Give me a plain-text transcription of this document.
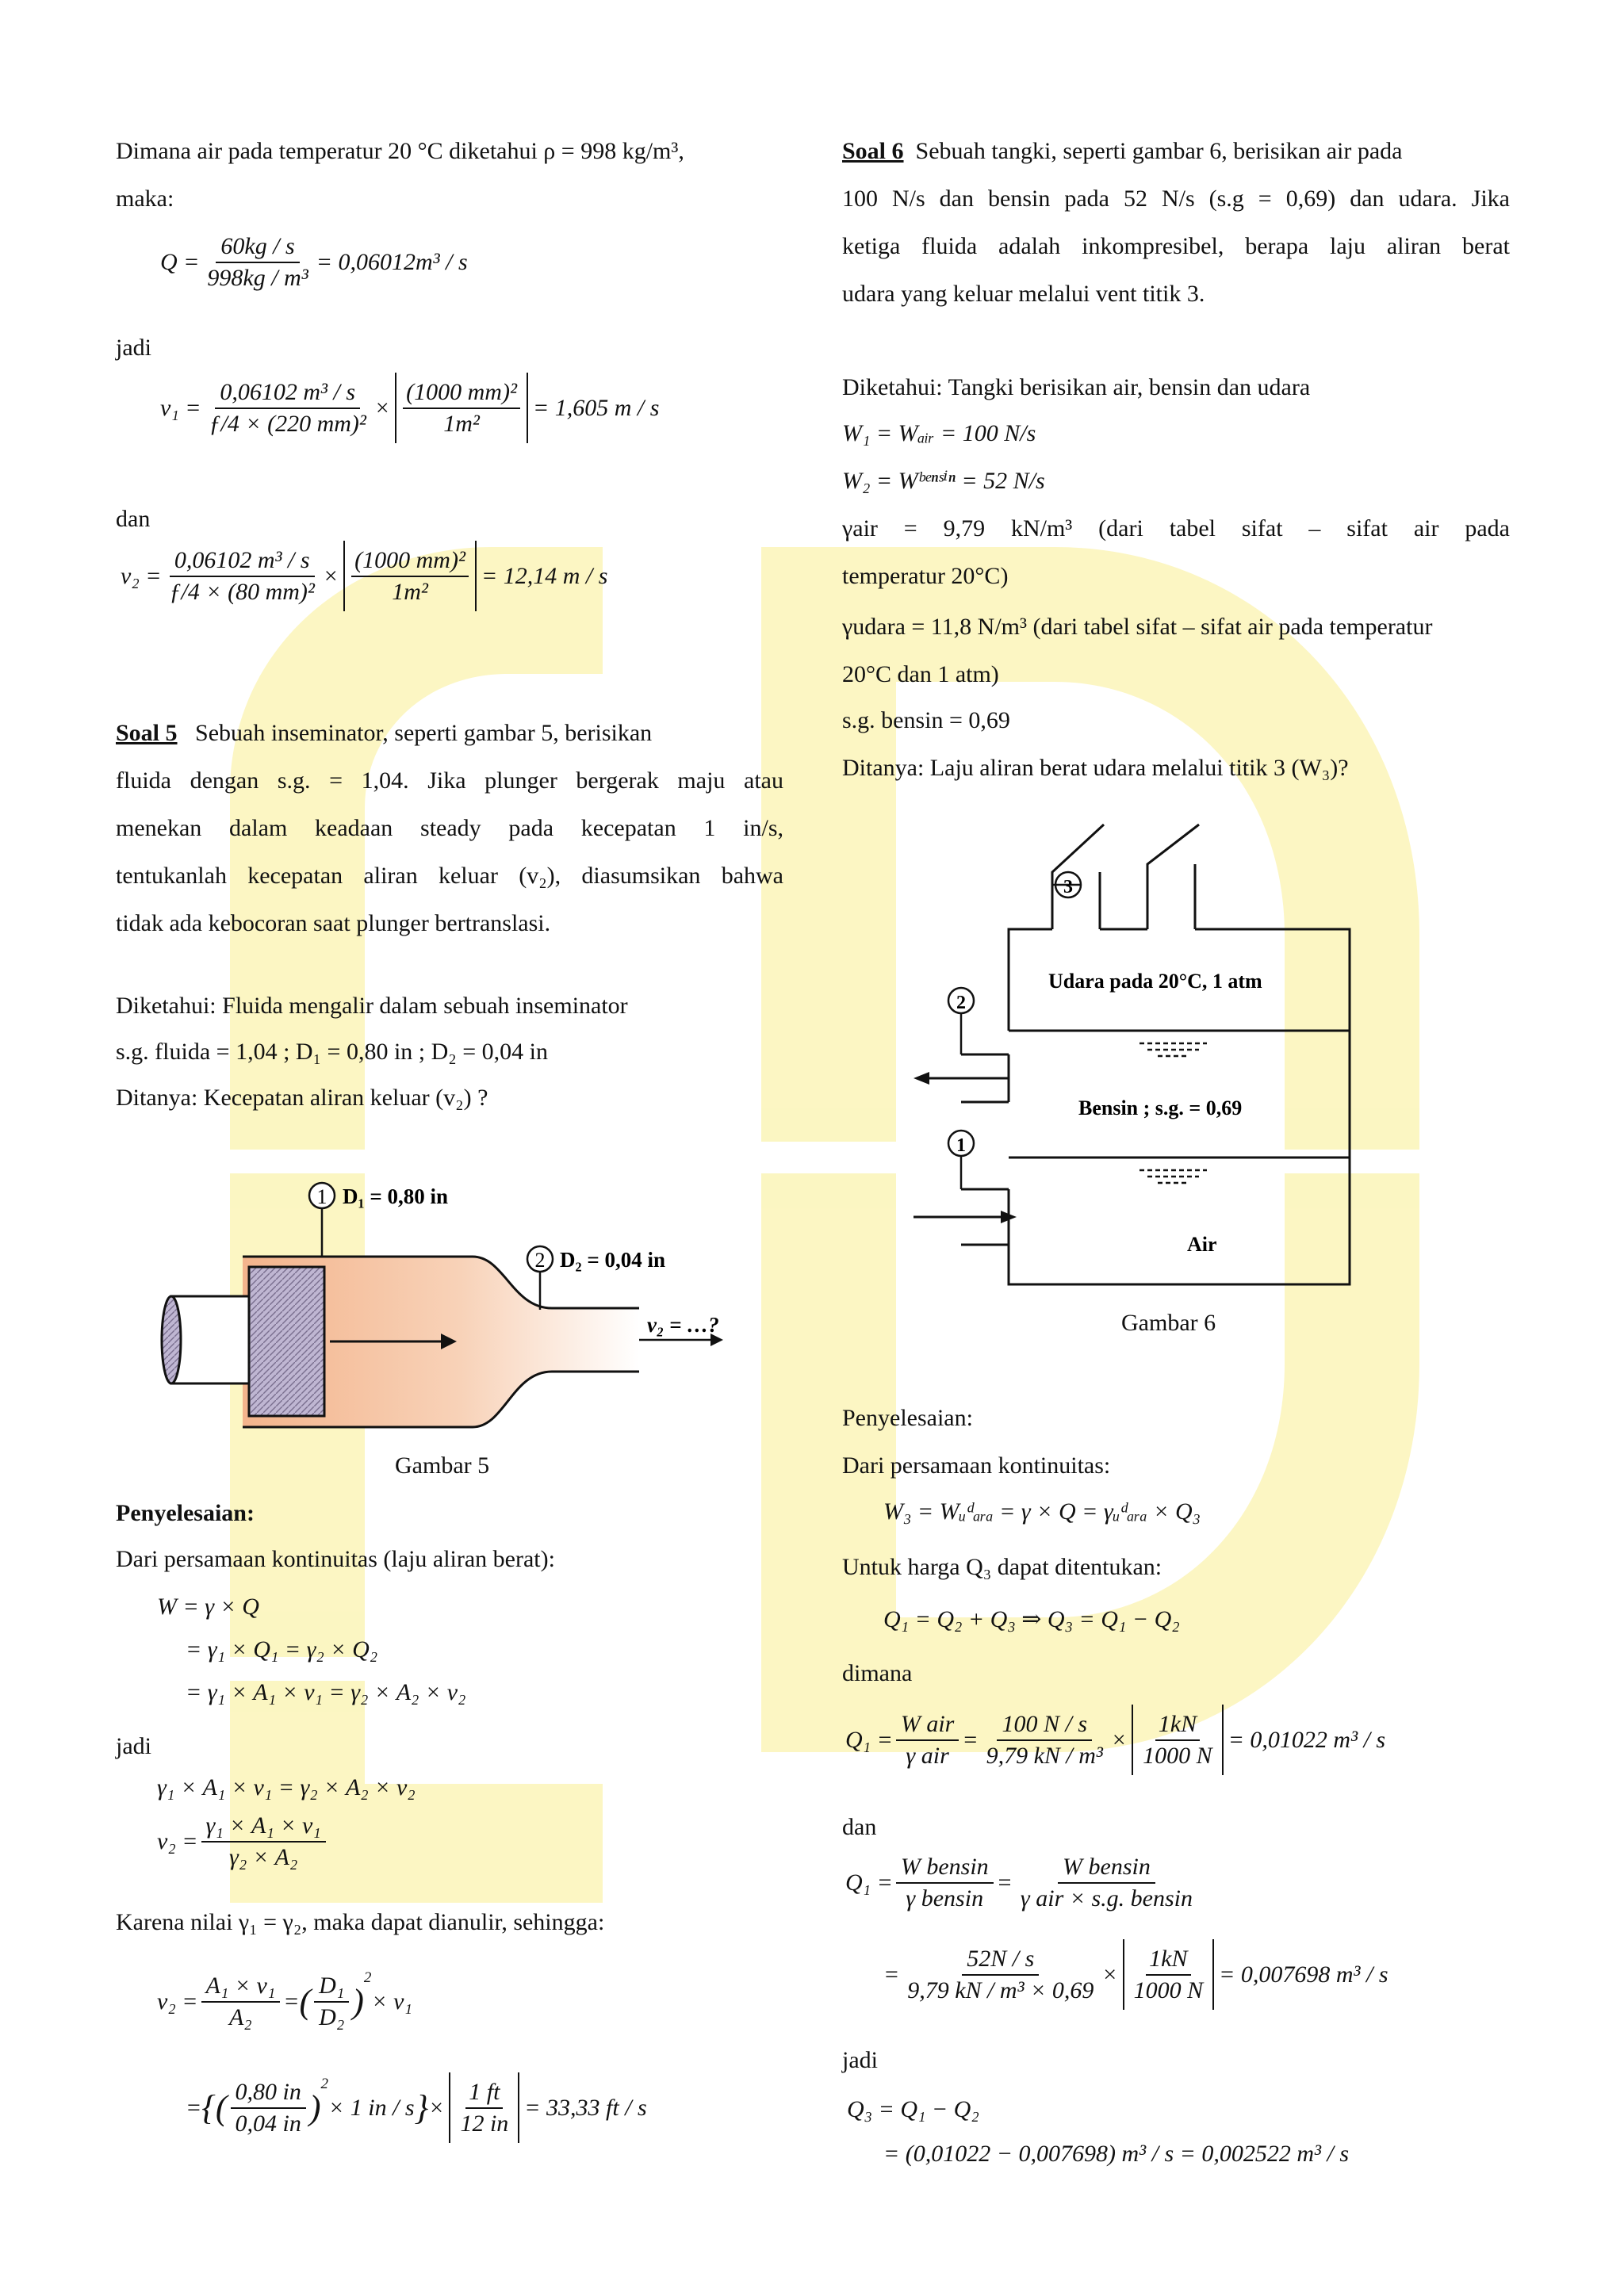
Dimana air pada temperatur 20 °C diketahui ρ = 998 kg/m³,
maka:
$Q = \frac{60kg / s}{\text{998kg / m³}} = 0,06012m^3 / s$
jadi
$v_1 = \frac{\text{0,06102 m³ / s}}{\text{ƒ/4 × (220 mm)²}} \times \frac{\text{(1000 mm)²}}{\text{1m²}} = 1,605$ m / s
dan
$v_2 = \frac{\text{0,06102 m³ / s}}{\text{ƒ/4 × (80 mm)²}} \times \frac{\text{(1000 mm)²}}{\text{1m²}} = 12,14$ m / s
Soal 5 Sebuah inseminator, seperti gambar 5, berisikan
fluida dengan s.g. = 1,04. Jika plunger bergerak maju atau
menekan dalam keadaan steady pada kecepatan 1 in/s,
tentukanlah kecepatan aliran keluar (v₂), diasumsikan bahwa
tidak ada kebocoran saat plunger bertranslasi.
Diketahui: Fluida mengalir dalam sebuah inseminator
s.g. fluida = 1,04 ; D₁ = 0,80 in ; D₂ = 0,04 in
Ditanya: Kecepatan aliran keluar (v₂) ?
1 D₁ = 0,80 in
2 D₂ = 0,04 in
v₂ = …?
Gambar 5
Penyelesaian:
Dari persamaan kontinuitas (laju aliran berat):
W = γ × Q
= γ₁ × Q₁ = γ₂ × Q₂
= γ₁ × A₁ × v₁ = γ₂ × A₂ × v₂
jadi
γ₁ × A₁ × v₁ = γ₂ × A₂ × v₂
$v_2 = \frac{\text{γ₁ × A₁ × v₁}}{\text{γ₂ × A₂}}$
Karena nilai γ₁ = γ₂, maka dapat dianulir, sehingga:
$v_2 = \frac{\text{A₁ × v₁}}{\text{A₂}}$ = ( $\frac{\text{D₁}}{\text{D₂}}$ )
$^2$
× v₁
= {( $\frac{0,80 in}{0,04 in}$ )
$^2$
× 1 in / s } × $\frac{1 ft}{12 in} = 33,33$ ft / s
Soal 6 Sebuah tangki, seperti gambar 6, berisikan air pada
100 N/s dan bensin pada 52 N/s (s.g = 0,69) dan udara. Jika
ketiga fluida adalah inkompresibel, berapa laju aliran berat
udara yang keluar melalui vent titik 3.
Diketahui: Tangki berisikan air, bensin dan udara
W₁ = Wₐᵢᵣ = 100 N/s
W₂ = Wᵇᵉⁿˢⁱⁿ = 52 N/s
γair = 9,79 kN/m³ (dari tabel sifat – sifat air pada
temperatur 20°C)
γudara = 11,8 N/m³ (dari tabel sifat – sifat air pada temperatur
20°C dan 1 atm)
s.g. bensin = 0,69
Ditanya: Laju aliran berat udara melalui titik 3 (W₃)?
3
2
1
Udara pada 20°C, 1 atm
Bensin ; s.g. = 0,69
Air
Gambar 6
Penyelesaian:
Dari persamaan kontinuitas:
W₃ = Wᵤᵈₐᵣₐ = γ × Q = γᵤᵈₐᵣₐ × Q₃
Untuk harga Q₃ dapat ditentukan:
Q₁ = Q₂ + Q₃ ⇒ Q₃ = Q₁ − Q₂
dimana
$Q_1 = \frac{\text{W air}}{\text{γ air}} = \frac{100 N / s}{\text{9,79 kN / m³}} \times \frac{1kN}{1000 N} = 0,01022$ m³ / s
dan
$Q_1 = \frac{\text{W bensin}}{\text{γ bensin}} = \frac{\text{W bensin}}{\text{γ air × s.g. bensin}}$
= $\frac{52N / s}{\text{9,79 kN / m³ × 0,69}} \times \frac{1kN}{1000 N} = 0,007698$ m³ / s
jadi
Q₃ = Q₁ − Q₂
= (0,01022 − 0,007698) m³ / s = 0,002522 m³ / s
